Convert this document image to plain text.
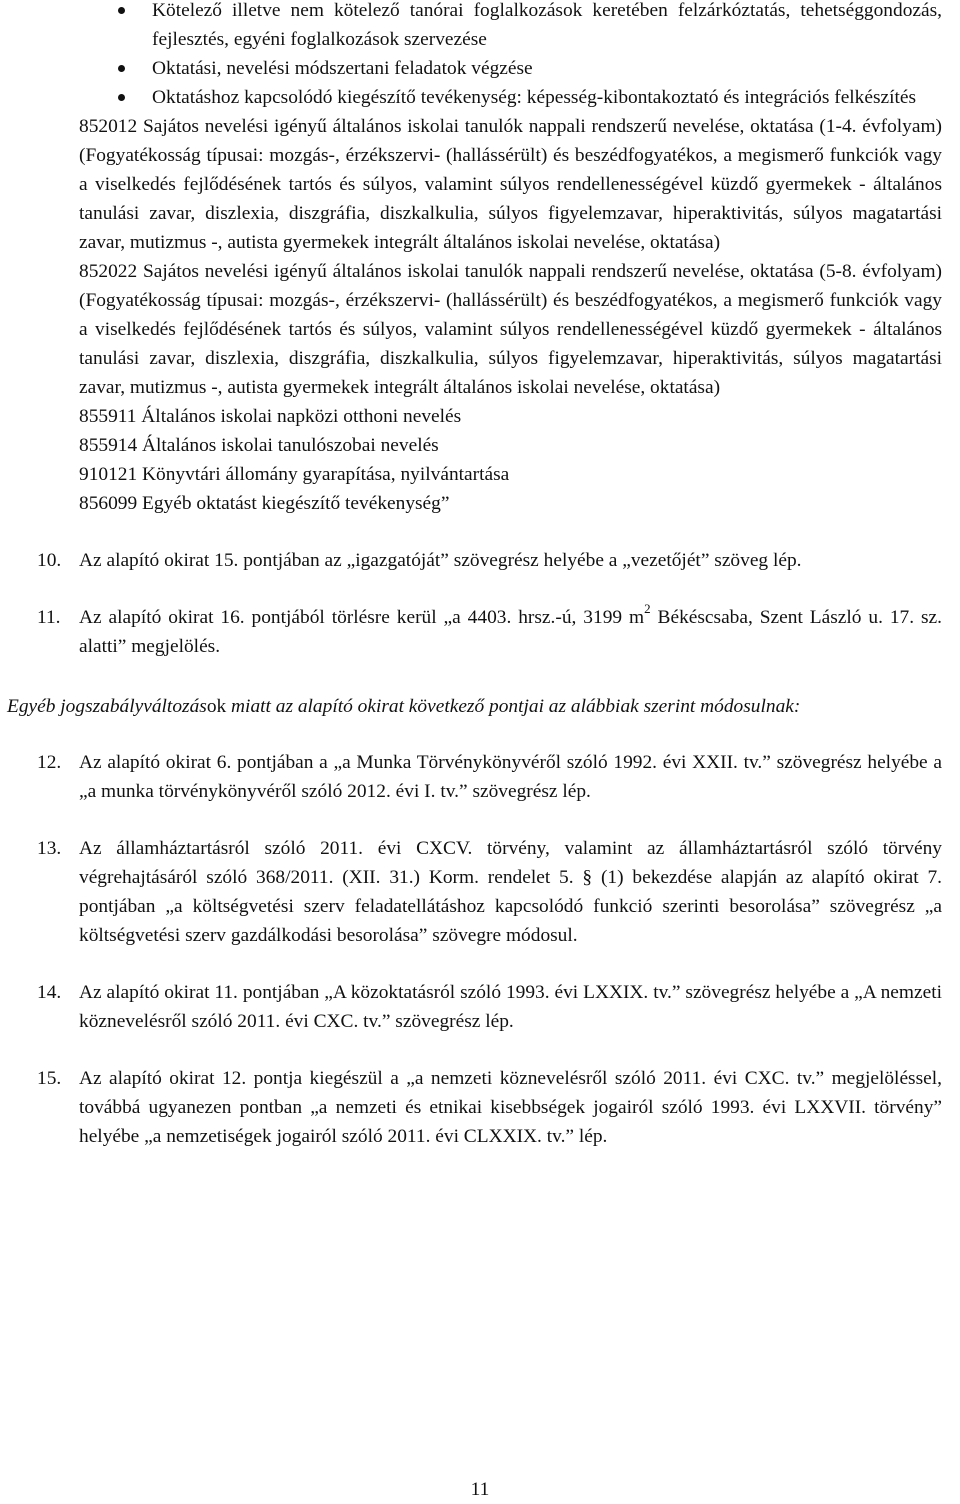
Kötelező illetve nem kötelező tanórai foglalkozások keretében felzárkóztatás, tehetséggondozás, fejlesztés, egyéni foglalkozások szervezése
Oktatási, nevelési módszertani feladatok végzése
Oktatáshoz kapcsolódó kiegészítő tevékenység: képesség-kibontakoztató és integrációs felkészítés

852012 Sajátos nevelési igényű általános iskolai tanulók nappali rendszerű nevelése, oktatása (1-4. évfolyam) (Fogyatékosság típusai: mozgás-, érzékszervi- (hallássérült) és beszédfogyatékos, a megismerő funkciók vagy a viselkedés fejlődésének tartós és súlyos, valamint súlyos rendellenességével küzdő gyermekek - általános tanulási zavar, diszlexia, diszgráfia, diszkalkulia, súlyos figyelemzavar, hiperaktivitás, súlyos magatartási zavar, mutizmus -, autista gyermekek integrált általános iskolai nevelése, oktatása)

852022 Sajátos nevelési igényű általános iskolai tanulók nappali rendszerű nevelése, oktatása (5-8. évfolyam) (Fogyatékosság típusai: mozgás-, érzékszervi- (hallássérült) és beszédfogyatékos, a megismerő funkciók vagy a viselkedés fejlődésének tartós és súlyos, valamint súlyos rendellenességével küzdő gyermekek - általános tanulási zavar, diszlexia, diszgráfia, diszkalkulia, súlyos figyelemzavar, hiperaktivitás, súlyos magatartási zavar, mutizmus -, autista gyermekek integrált általános iskolai nevelése, oktatása)

855911 Általános iskolai napközi otthoni nevelés

855914 Általános iskolai tanulószobai nevelés

910121 Könyvtári állomány gyarapítása, nyilvántartása

856099 Egyéb oktatást kiegészítő tevékenység”

10. Az alapító okirat 15. pontjában az „igazgatóját” szövegrész helyébe a „vezetőjét” szöveg lép.
11. Az alapító okirat 16. pontjából törlésre kerül „a 4403. hrsz.-ú, 3199 $m^2$ Békéscsaba, Szent László u. 17. sz. alatti” megjelölés.

Egyéb jogszabályváltozások miatt az alapító okirat következő pontjai az alábbiak szerint módosulnak:

12. Az alapító okirat 6. pontjában a „a Munka Törvénykönyvéről szóló 1992. évi XXII. tv.” szövegrész helyébe a „a munka törvénykönyvéről szóló 2012. évi I. tv.” szövegrész lép.
13. Az államháztartásról szóló 2011. évi CXCV. törvény, valamint az államháztartásról szóló törvény végrehajtásáról szóló 368/2011. (XII. 31.) Korm. rendelet 5. § (1) bekezdése alapján az alapító okirat 7. pontjában „a költségvetési szerv feladatellátáshoz kapcsolódó funkció szerinti besorolása” szövegrész „a költségvetési szerv gazdálkodási besorolása” szövegre módosul.
14. Az alapító okirat 11. pontjában „A közoktatásról szóló 1993. évi LXXIX. tv.” szövegrész helyébe a „A nemzeti köznevelésről szóló 2011. évi CXC. tv.” szövegrész lép.
15. Az alapító okirat 12. pontja kiegészül a „a nemzeti köznevelésről szóló 2011. évi CXC. tv.” megjelöléssel, továbbá ugyanezen pontban „a nemzeti és etnikai kisebbségek jogairól szóló 1993. évi LXXVII. törvény” helyébe „a nemzetiségek jogairól szóló 2011. évi CLXXIX. tv.” lép.
11
